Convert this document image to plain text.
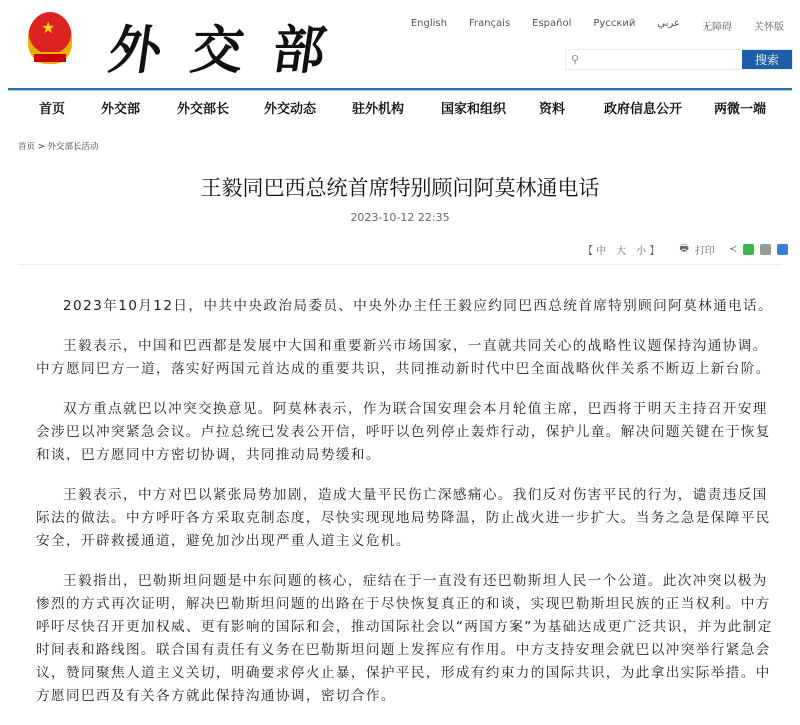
★ 外交部	English Français Español Русский عربي 无障碍 关怀版
⚲	搜索
首页	外交部	外交部长	外交动态	驻外机构	国家和组织	资料	政府信息公开 两微一端
首页 > 外交部长活动
王毅同巴西总统首席特别顾问阿莫林通电话
2023-10-12 22:35
【 中　大　小 】 🖶 打印 ≺

2023年10月12日，中共中央政治局委员、中央外办主任王毅应约同巴西总统首席特别顾问阿莫林通电话。

王毅表示，中国和巴西都是发展中大国和重要新兴市场国家，一直就共同关心的战略性议题保持沟通协调。中方愿同巴方一道，落实好两国元首达成的重要共识，共同推动新时代中巴全面战略伙伴关系不断迈上新台阶。

双方重点就巴以冲突交换意见。阿莫林表示，作为联合国安理会本月轮值主席，巴西将于明天主持召开安理会涉巴以冲突紧急会议。卢拉总统已发表公开信，呼吁以色列停止轰炸行动，保护儿童。解决问题关键在于恢复和谈，巴方愿同中方密切协调，共同推动局势缓和。

王毅表示，中方对巴以紧张局势加剧，造成大量平民伤亡深感痛心。我们反对伤害平民的行为，谴责违反国际法的做法。中方呼吁各方采取克制态度，尽快实现现地局势降温，防止战火进一步扩大。当务之急是保障平民安全，开辟救援通道，避免加沙出现严重人道主义危机。

王毅指出，巴勒斯坦问题是中东问题的核心，症结在于一直没有还巴勒斯坦人民一个公道。此次冲突以极为惨烈的方式再次证明，解决巴勒斯坦问题的出路在于尽快恢复真正的和谈，实现巴勒斯坦民族的正当权利。中方呼吁尽快召开更加权威、更有影响的国际和会，推动国际社会以“两国方案”为基础达成更广泛共识，并为此制定时间表和路线图。联合国有责任有义务在巴勒斯坦问题上发挥应有作用。中方支持安理会就巴以冲突举行紧急会议，赞同聚焦人道主义关切，明确要求停火止暴，保护平民，形成有约束力的国际共识，为此拿出实际举措。中方愿同巴西及有关各方就此保持沟通协调，密切合作。
